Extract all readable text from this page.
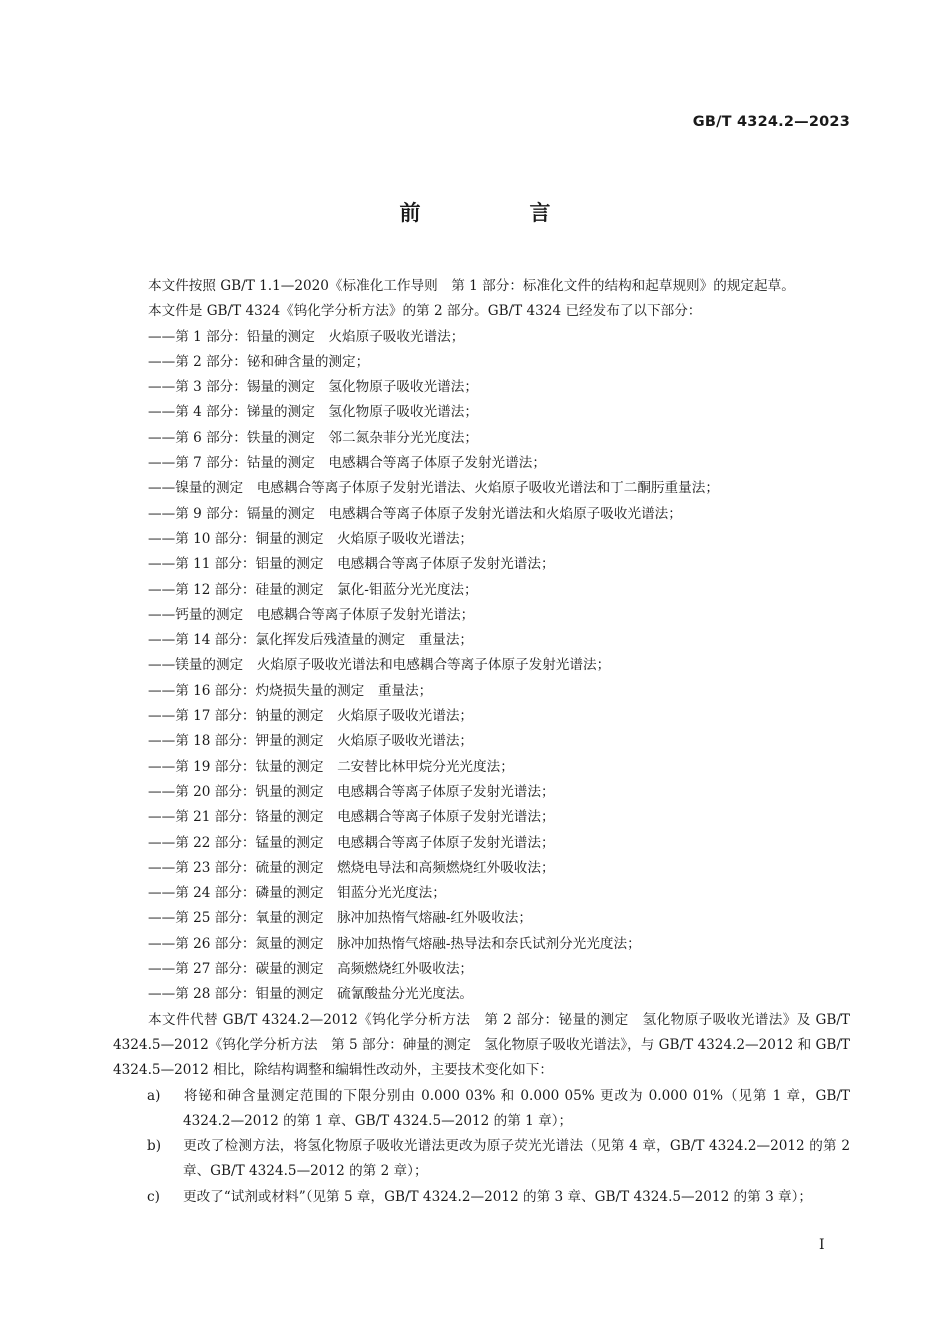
GB/T 4324.2—2023
前　言

本文件按照 GB/T 1.1—2020《标准化工作导则　第 1 部分：标准化文件的结构和起草规则》的规定起草。

本文件是 GB/T 4324《钨化学分析方法》的第 2 部分。GB/T 4324 已经发布了以下部分：

——第 1 部分：铅量的测定　火焰原子吸收光谱法；

——第 2 部分：铋和砷含量的测定；

——第 3 部分：锡量的测定　氢化物原子吸收光谱法；

——第 4 部分：锑量的测定　氢化物原子吸收光谱法；

——第 6 部分：铁量的测定　邻二氮杂菲分光光度法；

——第 7 部分：钴量的测定　电感耦合等离子体原子发射光谱法；

——镍量的测定　电感耦合等离子体原子发射光谱法、火焰原子吸收光谱法和丁二酮肟重量法；

——第 9 部分：镉量的测定　电感耦合等离子体原子发射光谱法和火焰原子吸收光谱法；

——第 10 部分：铜量的测定　火焰原子吸收光谱法；

——第 11 部分：铝量的测定　电感耦合等离子体原子发射光谱法；

——第 12 部分：硅量的测定　氯化-钼蓝分光光度法；

——钙量的测定　电感耦合等离子体原子发射光谱法；

——第 14 部分：氯化挥发后残渣量的测定　重量法；

——镁量的测定　火焰原子吸收光谱法和电感耦合等离子体原子发射光谱法；

——第 16 部分：灼烧损失量的测定　重量法；

——第 17 部分：钠量的测定　火焰原子吸收光谱法；

——第 18 部分：钾量的测定　火焰原子吸收光谱法；

——第 19 部分：钛量的测定　二安替比林甲烷分光光度法；

——第 20 部分：钒量的测定　电感耦合等离子体原子发射光谱法；

——第 21 部分：铬量的测定　电感耦合等离子体原子发射光谱法；

——第 22 部分：锰量的测定　电感耦合等离子体原子发射光谱法；

——第 23 部分：硫量的测定　燃烧电导法和高频燃烧红外吸收法；

——第 24 部分：磷量的测定　钼蓝分光光度法；

——第 25 部分：氧量的测定　脉冲加热惰气熔融-红外吸收法；

——第 26 部分：氮量的测定　脉冲加热惰气熔融-热导法和奈氏试剂分光光度法；

——第 27 部分：碳量的测定　高频燃烧红外吸收法；

——第 28 部分：钼量的测定　硫氰酸盐分光光度法。

本文件代替 GB/T 4324.2—2012《钨化学分析方法　第 2 部分：铋量的测定　氢化物原子吸收光谱法》及 GB/T 4324.5—2012《钨化学分析方法　第 5 部分：砷量的测定　氢化物原子吸收光谱法》，与 GB/T 4324.2—2012 和 GB/T 4324.5—2012 相比，除结构调整和编辑性改动外，主要技术变化如下：

a) 将铋和砷含量测定范围的下限分别由 0.000 03% 和 0.000 05% 更改为 0.000 01%（见第 1 章，GB/T 4324.2—2012 的第 1 章、GB/T 4324.5—2012 的第 1 章）；

b) 更改了检测方法，将氢化物原子吸收光谱法更改为原子荧光光谱法（见第 4 章，GB/T 4324.2—2012 的第 2 章、GB/T 4324.5—2012 的第 2 章）；

c) 更改了“试剂或材料”（见第 5 章，GB/T 4324.2—2012 的第 3 章、GB/T 4324.5—2012 的第 3 章）；

I
